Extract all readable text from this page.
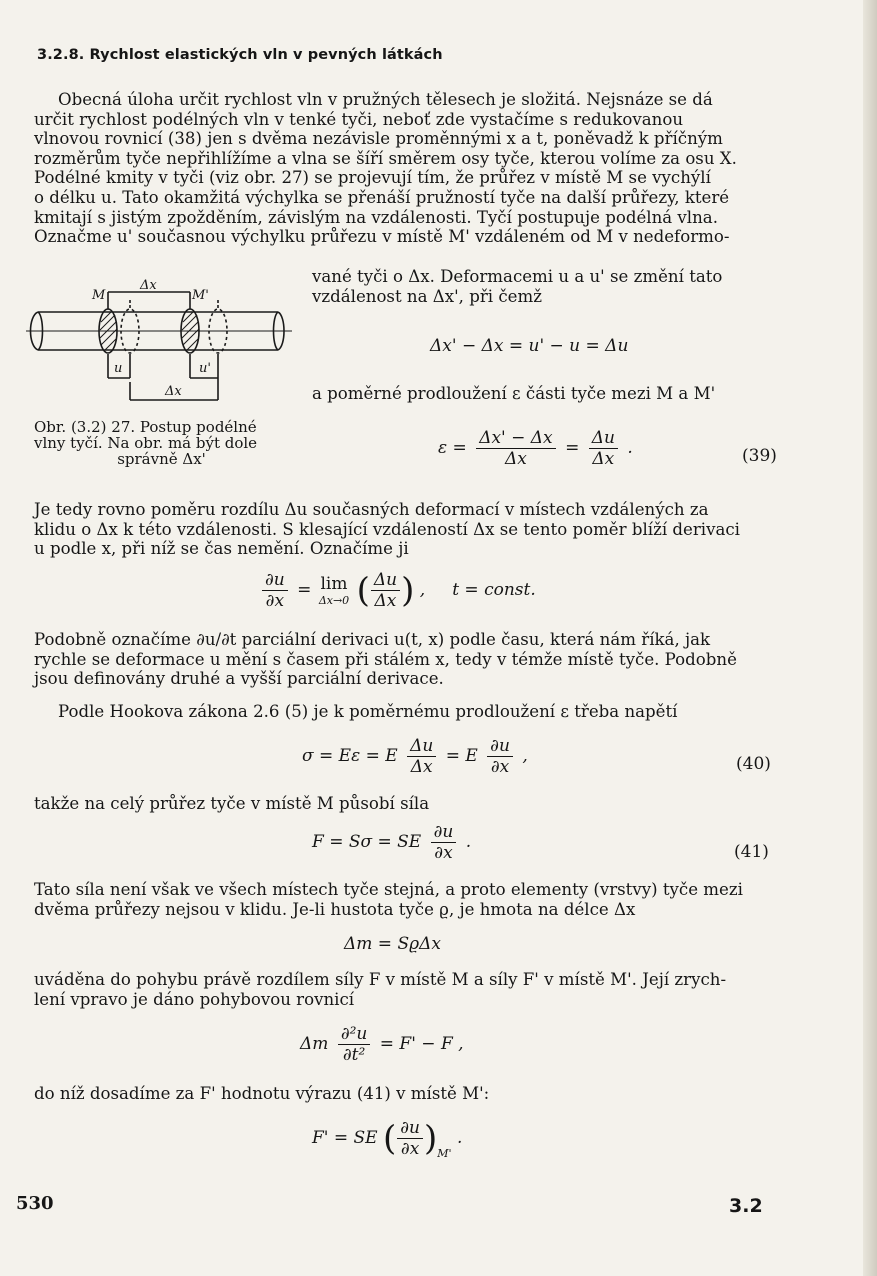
3.2.8. Rychlost elastických vln v pevných látkách
Obecná úloha určit rychlost vln v pružných tělesech je složitá. Nejsnáze se dá
určit rychlost podélných vln v tenké tyči, neboť zde vystačíme s redukovanou
vlnovou rovnicí (38) jen s dvěma nezávisle proměnnými x a t, poněvadž k příčným
rozměrům tyče nepřihlížíme a vlna se šíří směrem osy tyče, kterou volíme za osu X.
Podélné kmity v tyči (viz obr. 27) se projevují tím, že průřez v místě M se vychýlí
o délku u. Tato okamžitá výchylka se přenáší pružností tyče na další průřezy, které
kmitají s jistým zpožděním, závislým na vzdálenosti. Tyčí postupuje podélná vlna.
Označme u' současnou výchylku průřezu v místě M' vzdáleném od M v nedeformo-
vané tyči o Δx. Deformacemi u a u' se změní tato
vzdálenost na Δx', při čemž
Δx
M	M'
u	u'
Δx
Obr. (3.2) 27. Postup podélné
vlny tyčí. Na obr. má být dole
správně Δx'
Δx' − Δx = u' − u = Δu
a poměrné prodloužení ε části tyče mezi M a M'
$\varepsilon = \frac{\Delta x' - \Delta x}{\Delta x} = \frac{\Delta u}{\Delta x}$ .	(39)
Je tedy rovno poměru rozdílu Δu současných deformací v místech vzdálených za
klidu o Δx k této vzdálenosti. S klesající vzdáleností Δx se tento poměr blíží derivaci
u podle x, při níž se čas nemění. Označíme ji
$\frac{\partial u}{\partial x} = \lim$
Δx→0 ( $\frac{\Delta u}{\Delta x}$ ) ,     t = const.
Podobně označíme ∂u/∂t parciální derivaci u(t, x) podle času, která nám říká, jak
rychle se deformace u mění s časem při stálém x, tedy v témže místě tyče. Podobně
jsou definovány druhé a vyšší parciální derivace.
Podle Hookova zákona 2.6 (5) je k poměrnému prodloužení ε třeba napětí
σ = Eε = E $\frac{\Delta u}{\Delta x} = E \frac{\partial u}{\partial x}$ ,	(40)
takže na celý průřez tyče v místě M působí síla
F = Sσ = SE $\frac{\partial u}{\partial x}$ .	(41)
Tato síla není však ve všech místech tyče stejná, a proto elementy (vrstvy) tyče mezi
dvěma průřezy nejsou v klidu. Je-li hustota tyče ϱ, je hmota na délce Δx
Δm = SϱΔx
uváděna do pohybu právě rozdílem síly F v místě M a síly F' v místě M'. Její zrych-
lení vpravo je dáno pohybovou rovnicí
Δm $\frac{\text{∂²u}}{\text{∂t²}} = F' - F$ ,
do níž dosadíme za F' hodnotu výrazu (41) v místě M':
F' = SE ( $\frac{\partial u}{\partial x} )_{M'}$ .
530	3.2
